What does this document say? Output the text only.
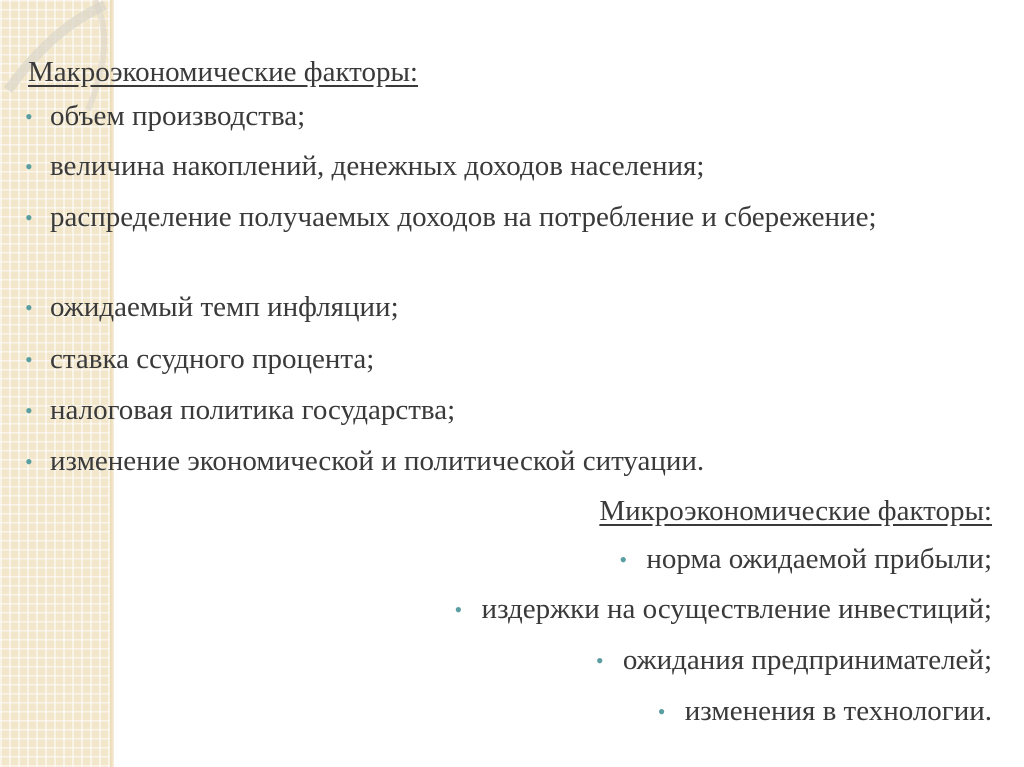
Макроэкономические факторы:
• объем производства;
• величина накоплений, денежных доходов населения;
• распределение получаемых доходов на потребление и сбережение;
• ожидаемый темп инфляции;
• ставка ссудного процента;
• налоговая политика государства;
• изменение экономической и политической ситуации.
Микроэкономические факторы:
• норма ожидаемой прибыли;
• издержки на осуществление инвестиций;
• ожидания предпринимателей;
• изменения в технологии.
